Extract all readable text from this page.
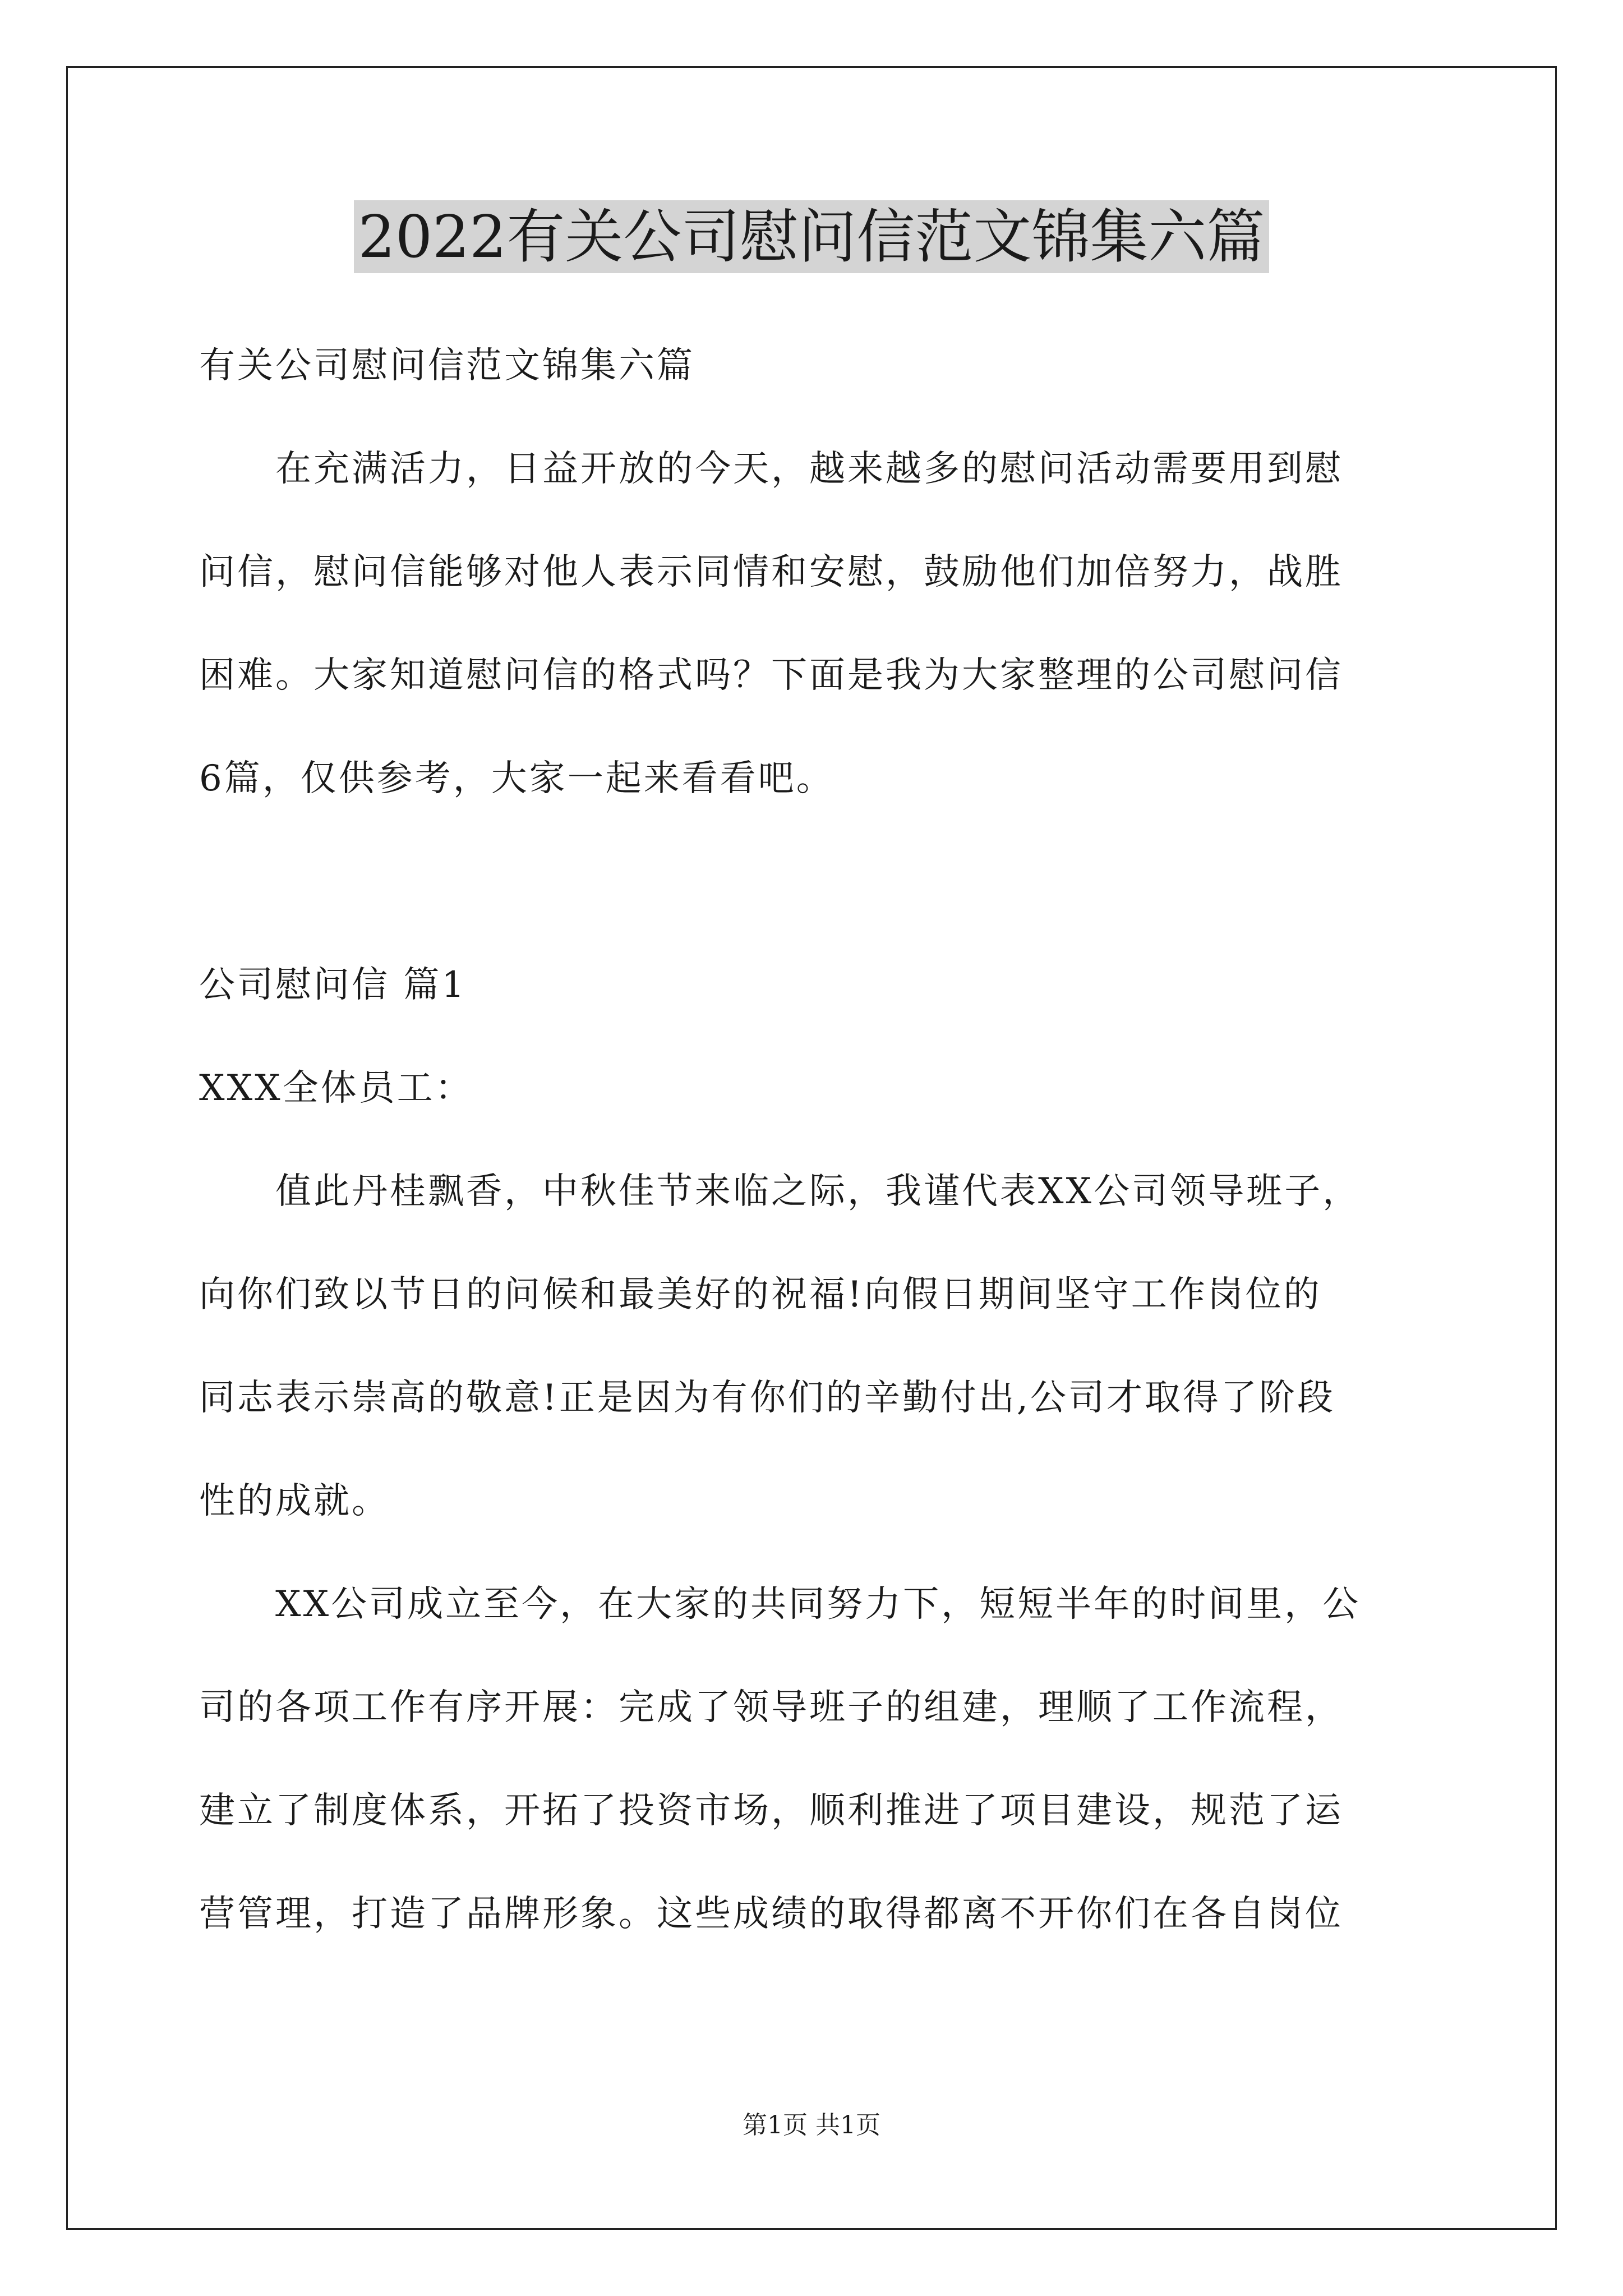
2022有关公司慰问信范文锦集六篇
有关公司慰问信范文锦集六篇
在充满活力，日益开放的今天，越来越多的慰问活动需要用到慰
问信，慰问信能够对他人表示同情和安慰，鼓励他们加倍努力，战胜
困难。大家知道慰问信的格式吗？下面是我为大家整理的公司慰问信
6篇，仅供参考，大家一起来看看吧。
公司慰问信 篇1
XXX全体员工：
值此丹桂飘香，中秋佳节来临之际，我谨代表XX公司领导班子，
向你们致以节日的问候和最美好的祝福!向假日期间坚守工作岗位的
同志表示崇高的敬意!正是因为有你们的辛勤付出,公司才取得了阶段
性的成就。
XX公司成立至今，在大家的共同努力下，短短半年的时间里，公
司的各项工作有序开展：完成了领导班子的组建，理顺了工作流程，
建立了制度体系，开拓了投资市场，顺利推进了项目建设，规范了运
营管理，打造了品牌形象。这些成绩的取得都离不开你们在各自岗位
第1页 共1页
